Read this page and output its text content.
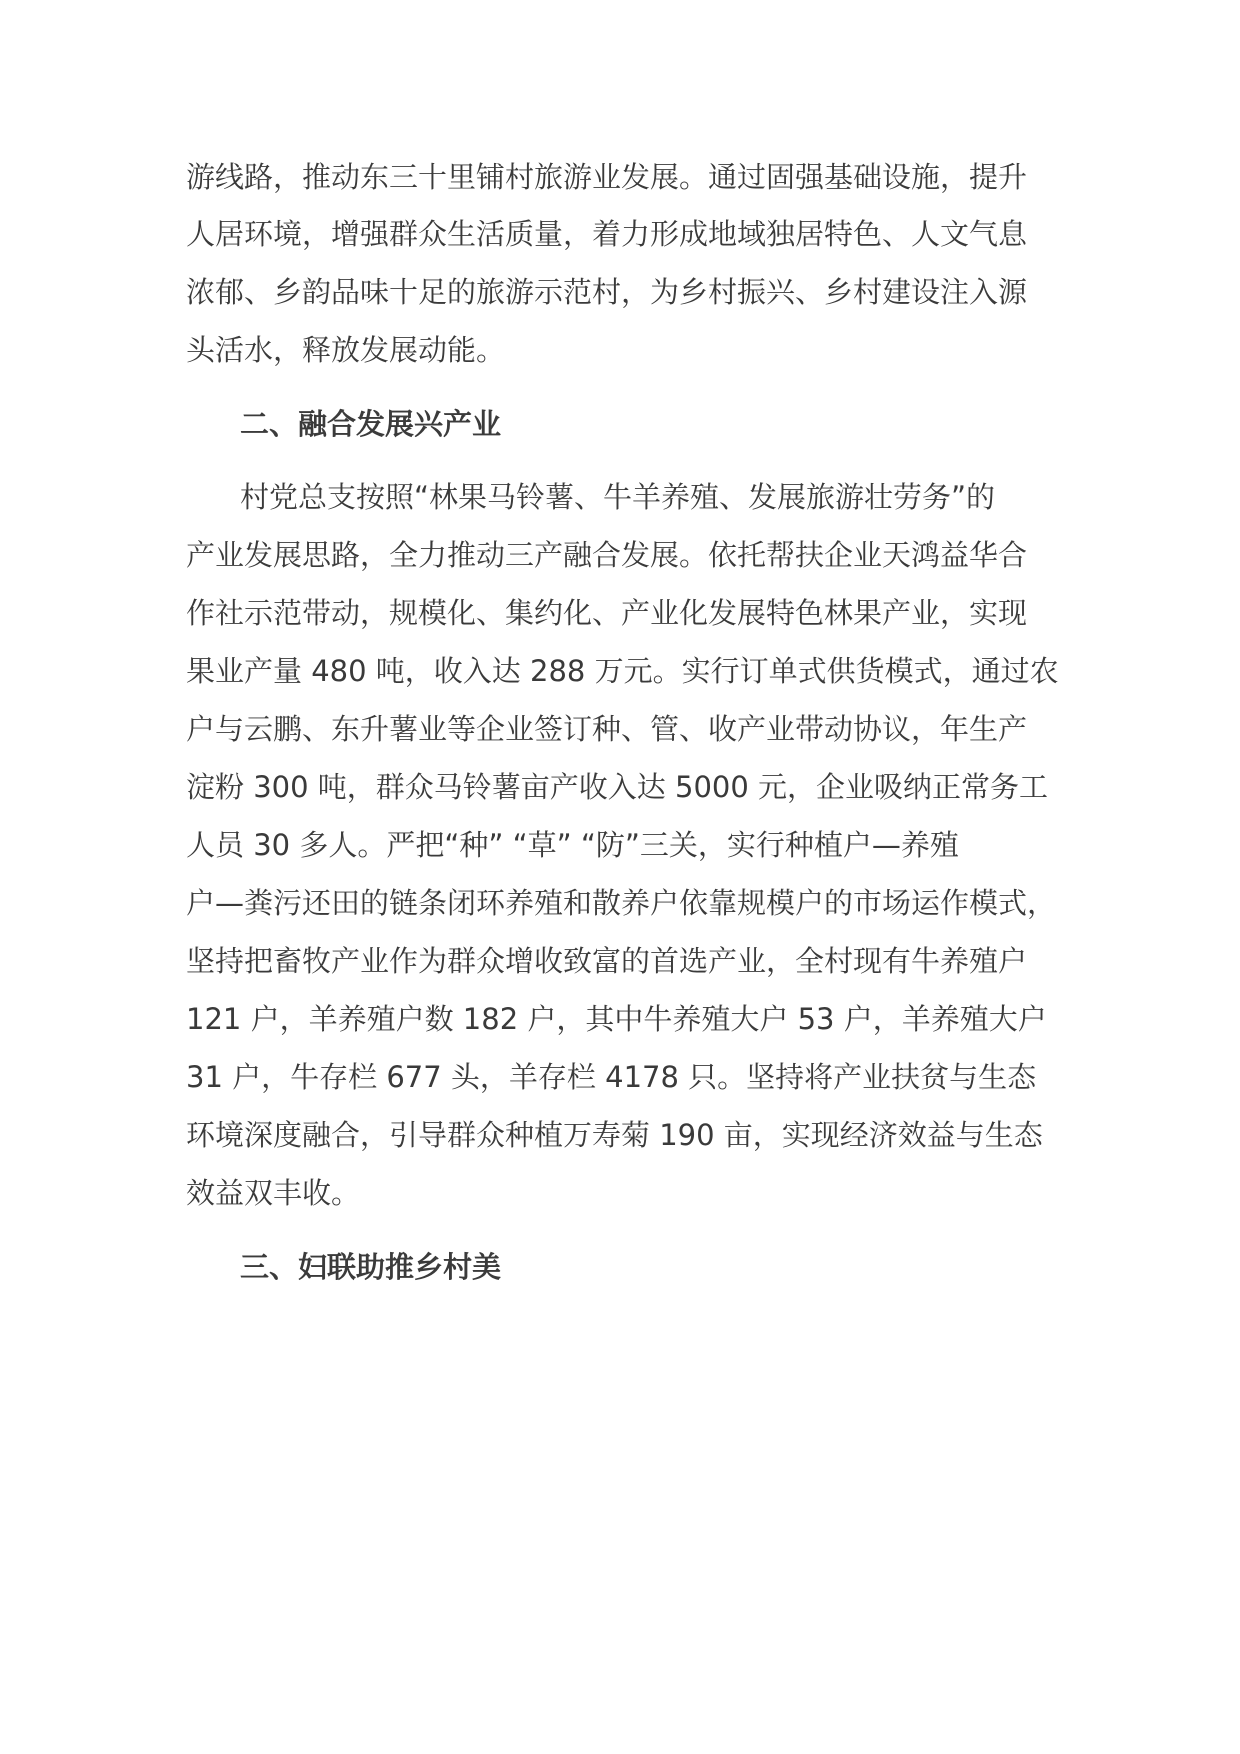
游线路，推动东三十里铺村旅游业发展。通过固强基础设施，提升
人居环境，增强群众生活质量，着力形成地域独居特色、人文气息
浓郁、乡韵品味十足的旅游示范村，为乡村振兴、乡村建设注入源
头活水，释放发展动能。
二、融合发展兴产业
村党总支按照“林果马铃薯、牛羊养殖、发展旅游壮劳务”的
产业发展思路，全力推动三产融合发展。依托帮扶企业天鸿益华合
作社示范带动，规模化、集约化、产业化发展特色林果产业，实现
果业产量 480 吨，收入达 288 万元。实行订单式供货模式，通过农
户与云鹏、东升薯业等企业签订种、管、收产业带动协议，年生产
淀粉 300 吨，群众马铃薯亩产收入达 5000 元，企业吸纳正常务工
人员 30 多人。严把“种” “草” “防”三关，实行种植户—养殖
户—粪污还田的链条闭环养殖和散养户依靠规模户的市场运作模式，
坚持把畜牧产业作为群众增收致富的首选产业，全村现有牛养殖户
121 户，羊养殖户数 182 户，其中牛养殖大户 53 户，羊养殖大户
31 户，牛存栏 677 头，羊存栏 4178 只。坚持将产业扶贫与生态
环境深度融合，引导群众种植万寿菊 190 亩，实现经济效益与生态
效益双丰收。
三、妇联助推乡村美
